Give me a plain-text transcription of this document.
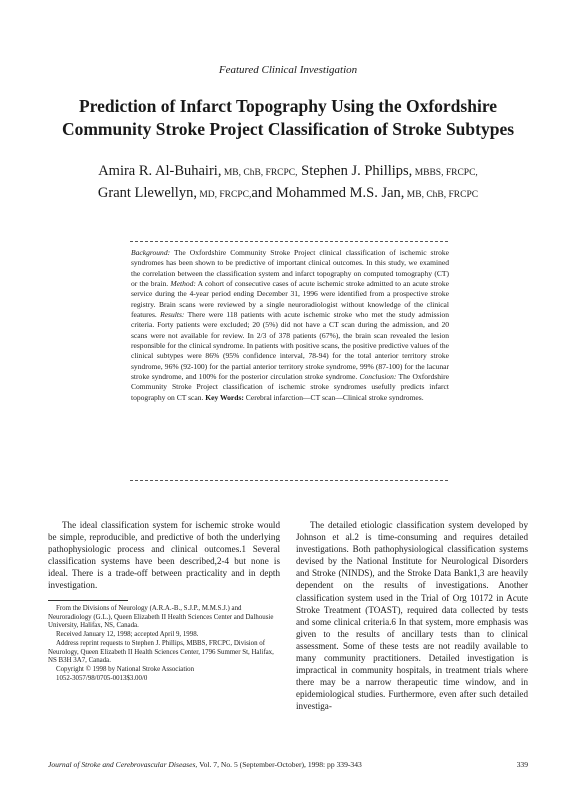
Featured Clinical Investigation
Prediction of Infarct Topography Using the Oxfordshire
Community Stroke Project Classification of Stroke Subtypes
Amira R. Al-Buhairi, MB, ChB, FRCPC, Stephen J. Phillips, MBBS, FRCPC,
Grant Llewellyn, MD, FRCPC,and Mohammed M.S. Jan, MB, ChB, FRCPC
Background: The Oxfordshire Community Stroke Project clinical classification of ischemic stroke syndromes has been shown to be predictive of important clinical outcomes. In this study, we examined the correlation between the classification system and infarct topography on computed tomography (CT) or the brain. Method: A cohort of consecutive cases of acute ischemic stroke admitted to an acute stroke service during the 4-year period ending December 31, 1996 were identified from a prospective stroke registry. Brain scans were reviewed by a single neuroradiologist without knowledge of the clinical features. Results: There were 118 patients with acute ischemic stroke who met the study admission criteria. Forty patients were excluded; 20 (5%) did not have a CT scan during the admission, and 20 scans were not available for review. In 2/3 of 378 patients (67%), the brain scan revealed the lesion responsible for the clinical syndrome. In patients with positive scans, the positive predictive values of the clinical subtypes were 86% (95% confidence interval, 78-94) for the total anterior territory stroke syndrome, 96% (92-100) for the partial anterior territory stroke syndrome, 99% (87-100) for the lacunar stroke syndrome, and 100% for the posterior circulation stroke syndrome. Conclusion: The Oxfordshire Community Stroke Project classification of ischemic stroke syndromes usefully predicts infarct topography on CT scan. Key Words: Cerebral infarction—CT scan—Clinical stroke syndromes.

The ideal classification system for ischemic stroke would be simple, reproducible, and predictive of both the underlying pathophysiologic process and clinical outcomes.1 Several classification systems have been described,2-4 but none is ideal. There is a trade-off between practicality and in depth investigation.

From the Divisions of Neurology (A.R.A.-B., S.J.P., M.M.S.J.) and Neuroradiology (G.L.), Queen Elizabeth II Health Sciences Center and Dalhousie University, Halifax, NS, Canada.

Received January 12, 1998; accepted April 9, 1998.

Address reprint requests to Stephen J. Phillips, MBBS, FRCPC, Division of Neurology, Queen Elizabeth II Health Sciences Center, 1796 Summer St, Halifax, NS B3H 3A7, Canada.

Copyright © 1998 by National Stroke Association

1052-3057/98/0705-0013$3.00/0

The detailed etiologic classification system developed by Johnson et al.2 is time-consuming and requires detailed investigations. Both pathophysiological classification systems devised by the National Institute for Neurological Disorders and Stroke (NINDS), and the Stroke Data Bank1,3 are heavily dependent on the results of investigations. Another classification system used in the Trial of Org 10172 in Acute Stroke Treatment (TOAST), required data collected by tests and some clinical criteria.6 In that system, more emphasis was given to the results of ancillary tests than to clinical assessment. Some of these tests are not readily available to many community practitioners. Detailed investigation is impractical in community hospitals, in treatment trials where there may be a narrow therapeutic time window, and in epidemiological studies. Furthermore, even after such detailed investiga-

Journal of Stroke and Cerebrovascular Diseases, Vol. 7, No. 5 (September-October), 1998: pp 339-343	339
